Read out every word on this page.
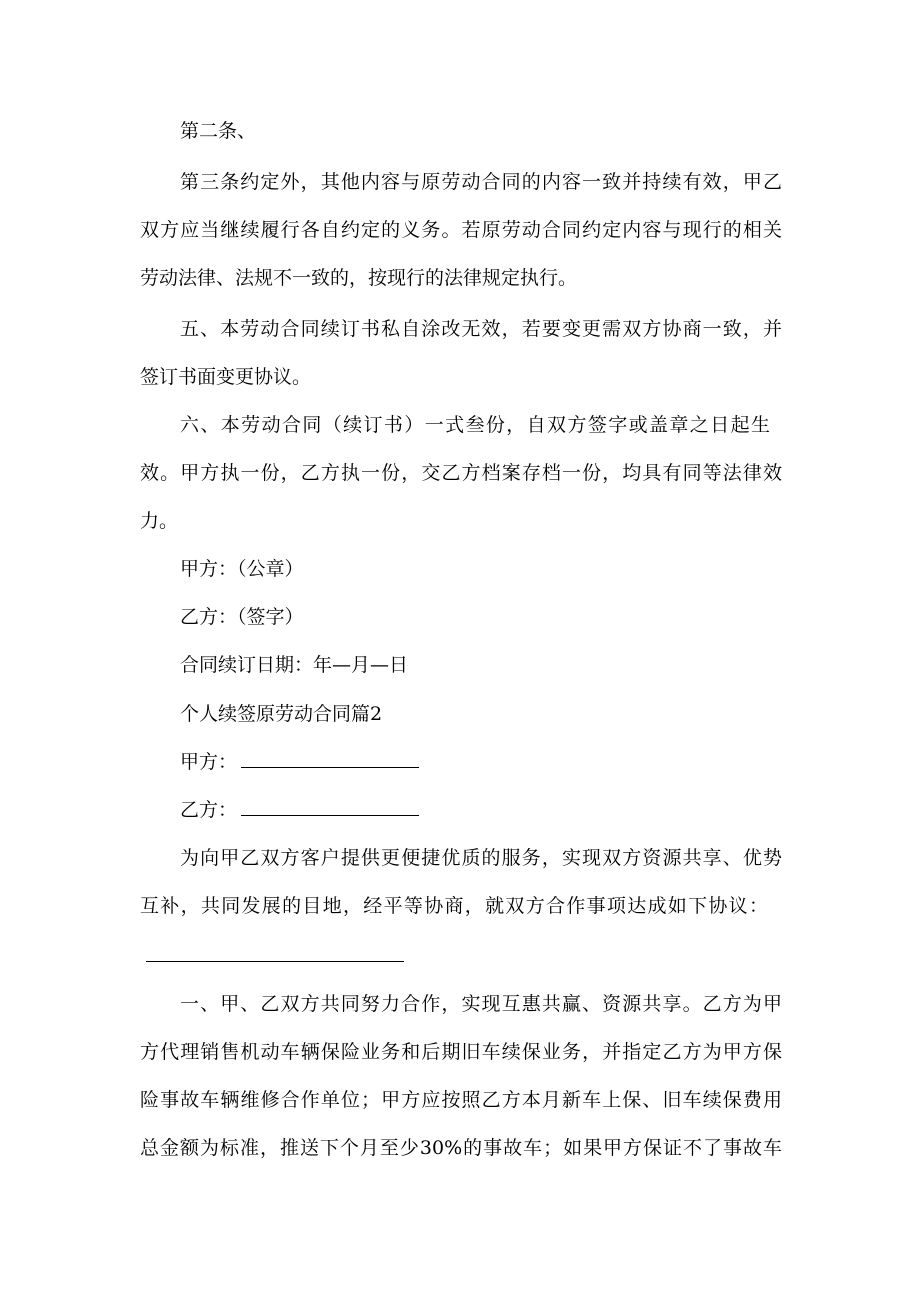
第二条、
第三条约定外，其他内容与原劳动合同的内容一致并持续有效，甲乙
双方应当继续履行各自约定的义务。若原劳动合同约定内容与现行的相关
劳动法律、法规不一致的，按现行的法律规定执行。
五、本劳动合同续订书私自涂改无效，若要变更需双方协商一致，并
签订书面变更协议。
六、本劳动合同（续订书）一式叁份，自双方签字或盖章之日起生
效。甲方执一份，乙方执一份，交乙方档案存档一份，均具有同等法律效
力。
甲方：（公章）
乙方：（签字）
合同续订日期：年—月—日
个人续签原劳动合同篇2
甲方：
乙方：
为向甲乙双方客户提供更便捷优质的服务，实现双方资源共享、优势
互补，共同发展的目地，经平等协商，就双方合作事项达成如下协议：
一、甲、乙双方共同努力合作，实现互惠共赢、资源共享。乙方为甲
方代理销售机动车辆保险业务和后期旧车续保业务，并指定乙方为甲方保
险事故车辆维修合作单位；甲方应按照乙方本月新车上保、旧车续保费用
总金额为标准，推送下个月至少30%的事故车；如果甲方保证不了事故车
